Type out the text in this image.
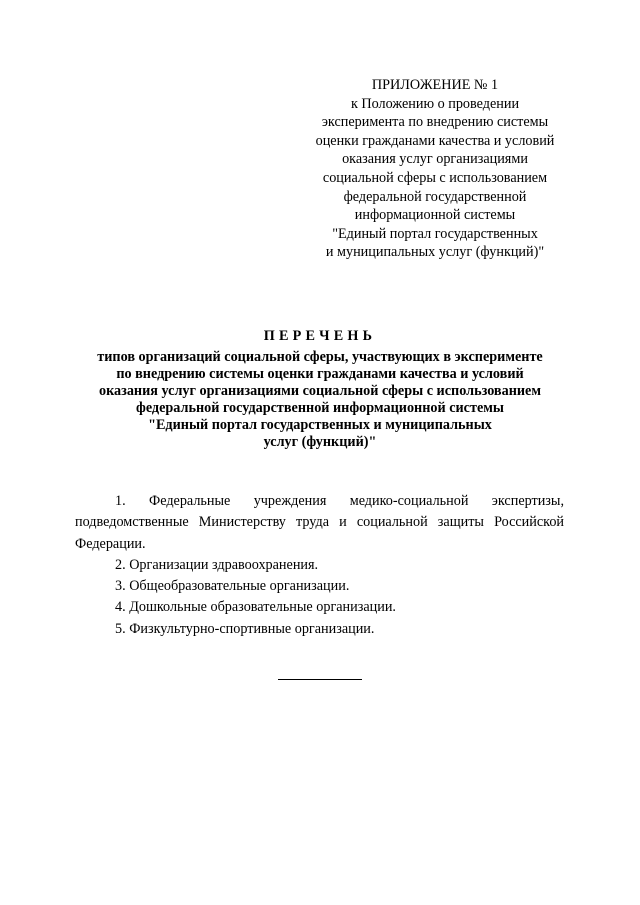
ПРИЛОЖЕНИЕ № 1
к Положению о проведении
эксперимента по внедрению системы
оценки гражданами качества и условий
оказания услуг организациями
социальной сферы с использованием
федеральной государственной
информационной системы
"Единый портал государственных
и муниципальных услуг (функций)"
ПЕРЕЧЕНЬ
типов организаций социальной сферы, участвующих в эксперименте
по внедрению системы оценки гражданами качества и условий
оказания услуг организациями социальной сферы с использованием
федеральной государственной информационной системы
"Единый портал государственных и муниципальных
услуг (функций)"

1. Федеральные учреждения медико-социальной экспертизы, подведомственные Министерству труда и социальной защиты Российской Федерации.

2. Организации здравоохранения.

3. Общеобразовательные организации.

4. Дошкольные образовательные организации.

5. Физкультурно-спортивные организации.
